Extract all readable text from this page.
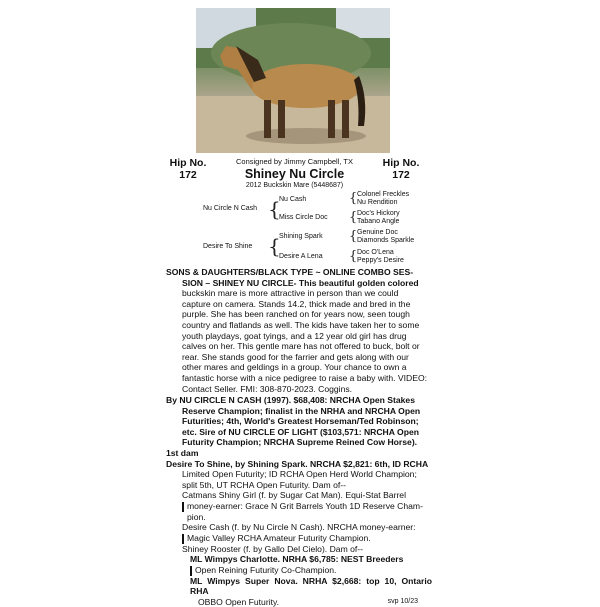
Hip No.
172
Hip No.
172
Consigned by Jimmy Campbell, TX
Shiney Nu Circle
2012 Buckskin Mare (5448687)
Nu Cash
Nu Circle N Cash {
Miss Circle Doc
Shining Spark
Desire To Shine {
Desire A Lena
{ Colonel Freckles
Nu Rendition
{ Doc's Hickory
Tabano Angle
{ Genuine Doc
Diamonds Sparkle
{ Doc O'Lena
Peppy's Desire
SONS & DAUGHTERS/BLACK TYPE ~ ONLINE COMBO SES-
SION – SHINEY NU CIRCLE- This beautiful golden colored
buckskin mare is more attractive in person than we could
capture on camera. Stands 14.2, thick made and bred in the
purple. She has been ranched on for years now, seen tough
country and flatlands as well. The kids have taken her to some
youth playdays, goat tyings, and a 12 year old girl has drug
calves on her. This gentle mare has not offered to buck, bolt or
rear. She stands good for the farrier and gets along with our
other mares and geldings in a group. Your chance to own a
fantastic horse with a nice pedigree to raise a baby with. VIDEO:
Contact Seller. FMI: 308-870-2023. Coggins.
By NU CIRCLE N CASH (1997). $68,408: NRCHA Open Stakes
Reserve Champion; finalist in the NRHA and NRCHA Open
Futurities; 4th, World's Greatest Horseman/Ted Robinson;
etc. Sire of NU CIRCLE OF LIGHT ($103,571: NRCHA Open
Futurity Champion; NRCHA Supreme Reined Cow Horse).
1st dam
Desire To Shine, by Shining Spark. NRCHA $2,821: 6th, ID RCHA
Limited Open Futurity; ID RCHA Open Herd World Champion;
split 5th, UT RCHA Open Futurity. Dam of--
Catmans Shiny Girl (f. by Sugar Cat Man). Equi-Stat Barrel
money-earner: Grace N Grit Barrels Youth 1D Reserve Cham-
pion.
Desire Cash (f. by Nu Circle N Cash). NRCHA money-earner:
Magic Valley RCHA Amateur Futurity Champion.
Shiney Rooster (f. by Gallo Del Cielo). Dam of--
ML Wimpys Charlotte. NRHA $6,785: NEST Breeders
Open Reining Futurity Co-Champion.
ML Wimpys Super Nova. NRHA $2,668: top 10, Ontario RHA
OBBO Open Futurity.	svp 10/23
